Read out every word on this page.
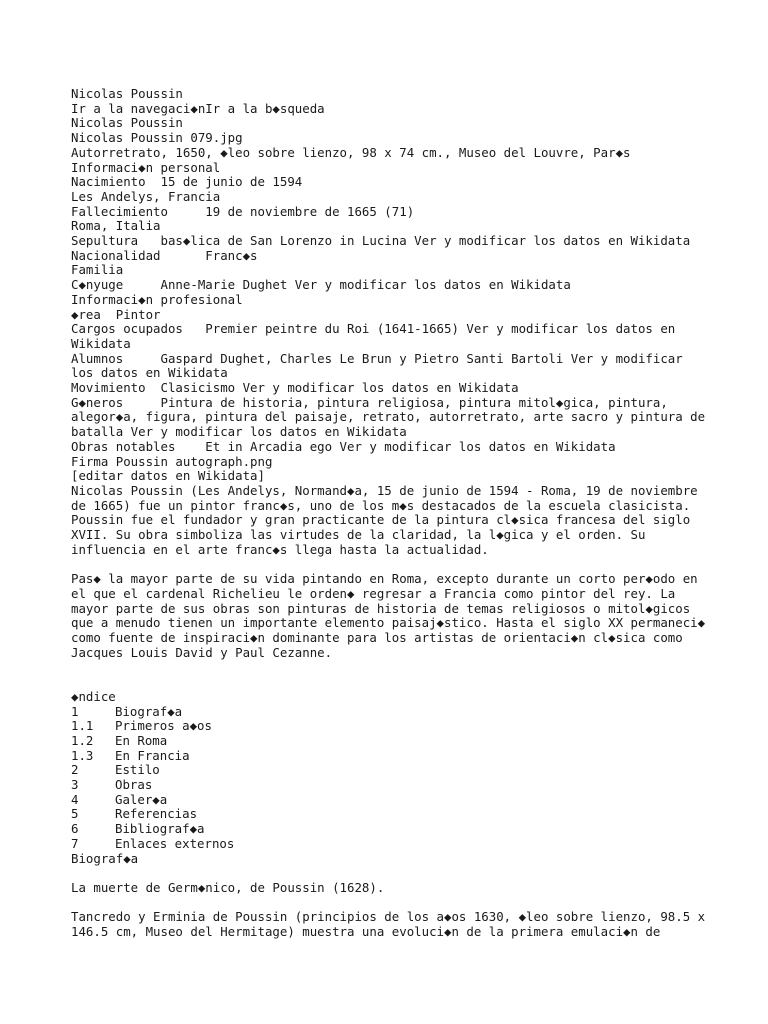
Nicolas Poussin
Ir a la navegaci◆nIr a la b◆squeda
Nicolas Poussin
Nicolas Poussin 079.jpg
Autorretrato, 1650, ◆leo sobre lienzo, 98 x 74 cm., Museo del Louvre, Par◆s
Informaci◆n personal
Nacimiento  15 de junio de 1594
Les Andelys, Francia
Fallecimiento     19 de noviembre de 1665 (71)
Roma, Italia
Sepultura   bas◆lica de San Lorenzo in Lucina Ver y modificar los datos en Wikidata
Nacionalidad      Franc◆s
Familia
C◆nyuge     Anne-Marie Dughet Ver y modificar los datos en Wikidata
Informaci◆n profesional
◆rea  Pintor
Cargos ocupados   Premier peintre du Roi (1641-1665) Ver y modificar los datos en Wikidata
Alumnos     Gaspard Dughet, Charles Le Brun y Pietro Santi Bartoli Ver y modificar los datos en Wikidata
Movimiento  Clasicismo Ver y modificar los datos en Wikidata
G◆neros     Pintura de historia, pintura religiosa, pintura mitol◆gica, pintura, alegor◆a, figura, pintura del paisaje, retrato, autorretrato, arte sacro y pintura de batalla Ver y modificar los datos en Wikidata
Obras notables    Et in Arcadia ego Ver y modificar los datos en Wikidata
Firma Poussin autograph.png
[editar datos en Wikidata]
Nicolas Poussin (Les Andelys, Normand◆a, 15 de junio de 1594 - Roma, 19 de noviembre de 1665) fue un pintor franc◆s, uno de los m◆s destacados de la escuela clasicista. Poussin fue el fundador y gran practicante de la pintura cl◆sica francesa del siglo XVII. Su obra simboliza las virtudes de la claridad, la l◆gica y el orden. Su influencia en el arte franc◆s llega hasta la actualidad.
Pas◆ la mayor parte de su vida pintando en Roma, excepto durante un corto per◆odo en el que el cardenal Richelieu le orden◆ regresar a Francia como pintor del rey. La mayor parte de sus obras son pinturas de historia de temas religiosos o mitol◆gicos que a menudo tienen un importante elemento paisaj◆stico. Hasta el siglo XX permaneci◆ como fuente de inspiraci◆n dominante para los artistas de orientaci◆n cl◆sica como Jacques Louis David y Paul Cezanne.
◆ndice
1	Biograf◆a
1.1 Primeros a◆os
1.2 En Roma
1.3 En Francia
2	Estilo
3	Obras
4	Galer◆a
5	Referencias
6	Bibliograf◆a
7	Enlaces externos
Biograf◆a
La muerte de Germ◆nico, de Poussin (1628).
Tancredo y Erminia de Poussin (principios de los a◆os 1630, ◆leo sobre lienzo, 98.5 x 146.5 cm, Museo del Hermitage) muestra una evoluci◆n de la primera emulaci◆n de
